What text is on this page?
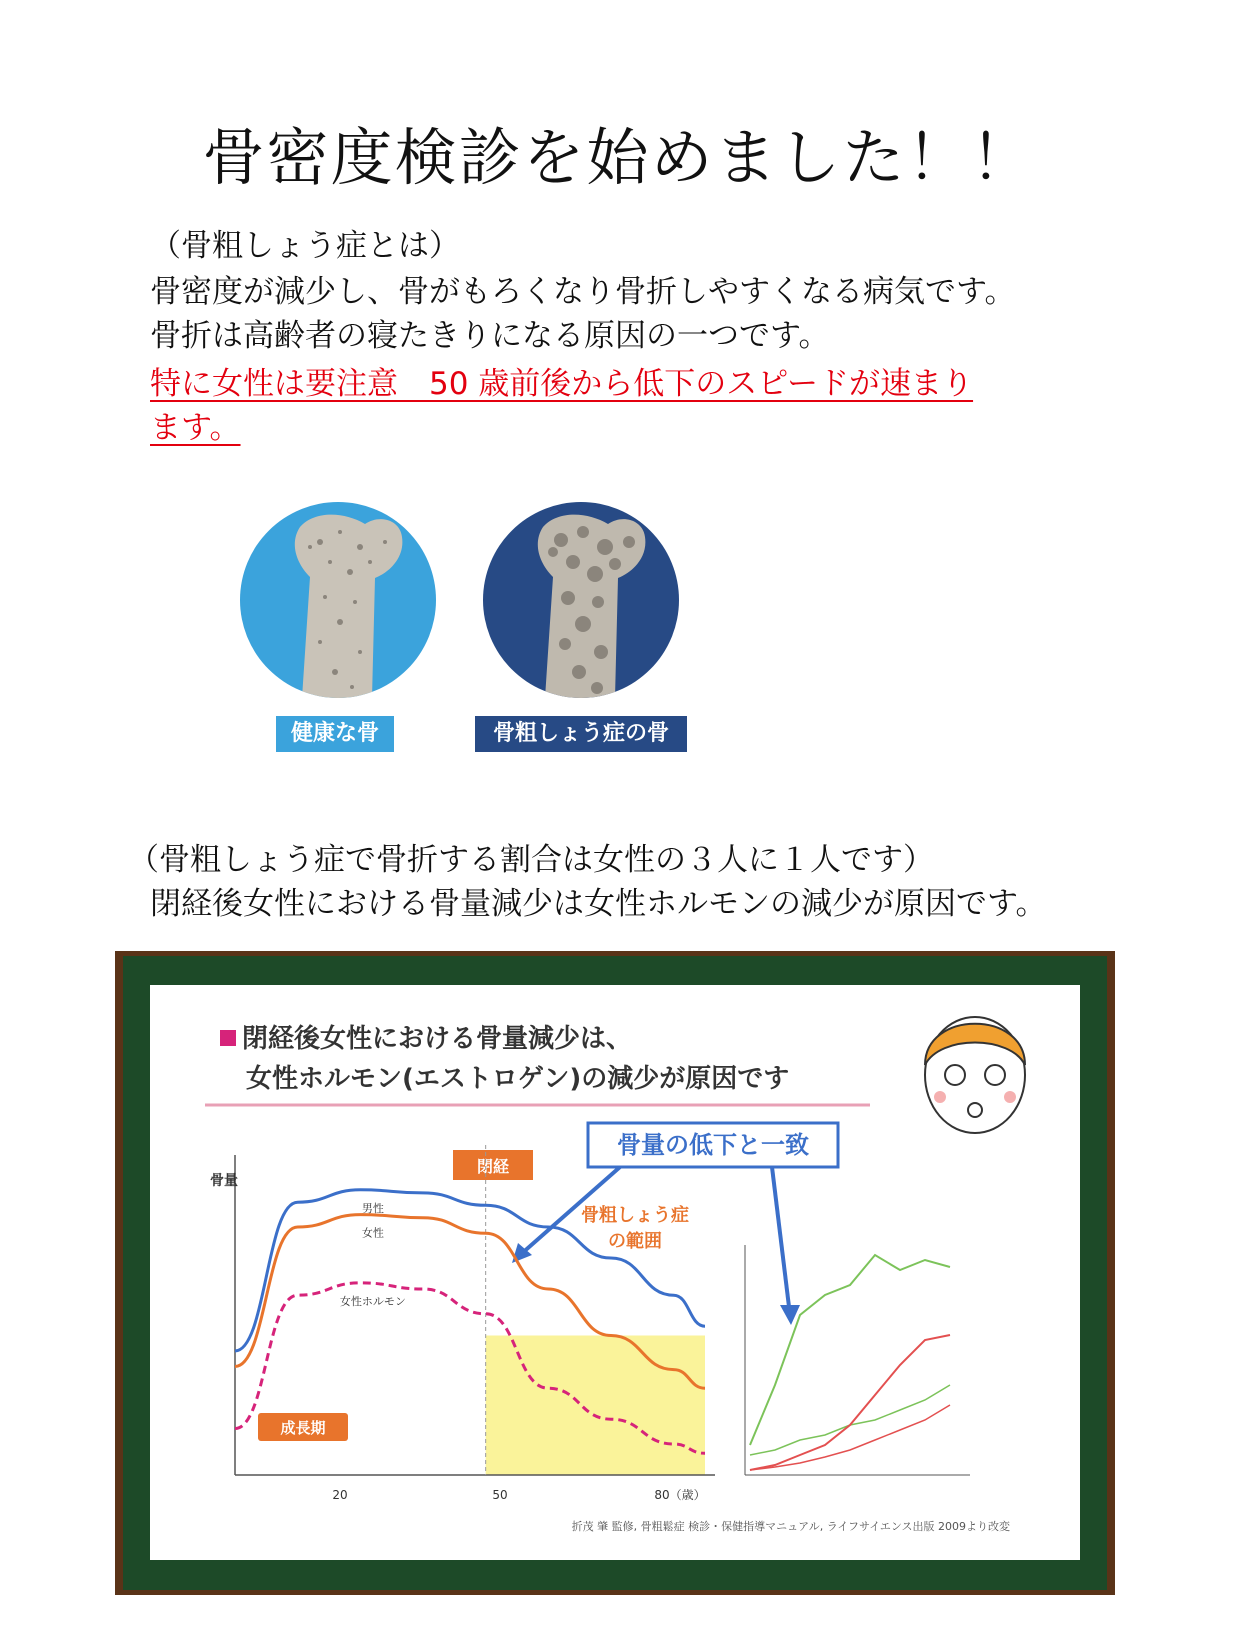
骨密度検診を始めました！！
（骨粗しょう症とは）
骨密度が減少し、骨がもろくなり骨折しやすくなる病気です。
骨折は高齢者の寝たきりになる原因の一つです。
特に女性は要注意　50 歳前後から低下のスピードが速まり
ます。
健康な骨	骨粗しょう症の骨
（骨粗しょう症で骨折する割合は女性の３人に１人です）
閉経後女性における骨量減少は女性ホルモンの減少が原因です。
閉経後女性における骨量減少は、
女性ホルモン(エストロゲン)の減少が原因です
骨量の低下と一致
閉経
骨粗しょう症
の範囲
男性
女性
女性ホルモン
骨量
成長期
20	50	80（歳）
折茂 肇 監修, 骨粗鬆症 検診・保健指導マニュアル, ライフサイエンス出版 2009より改変
